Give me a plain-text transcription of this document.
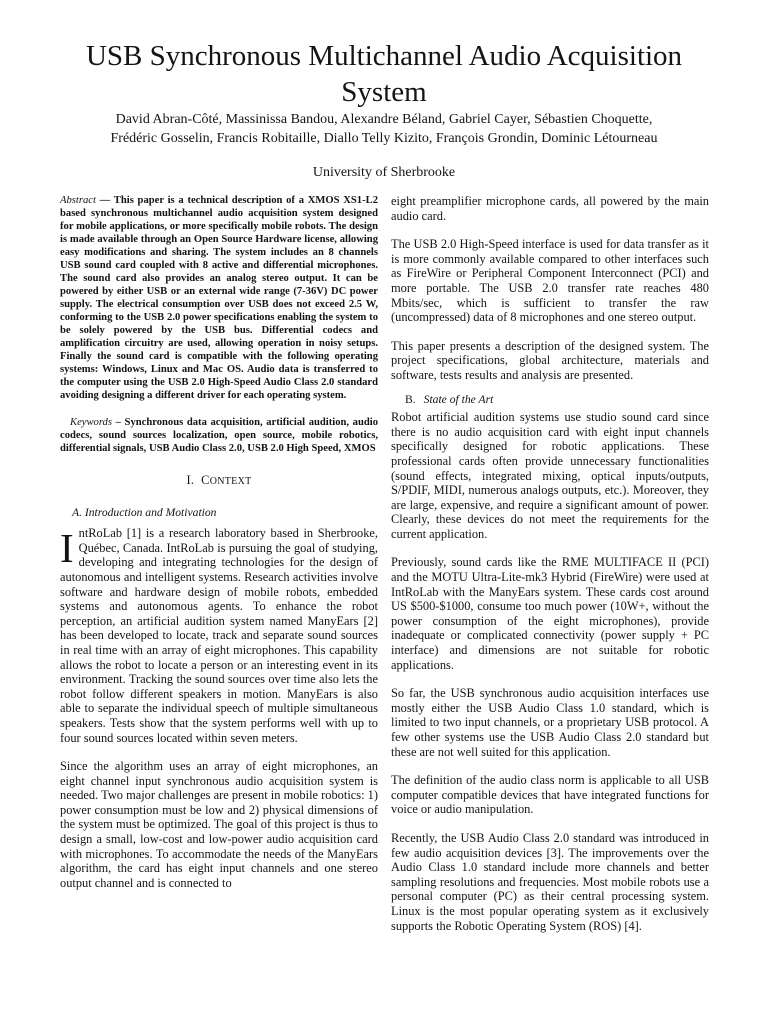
USB Synchronous Multichannel Audio Acquisition System
David Abran-Côté, Massinissa Bandou, Alexandre Béland, Gabriel Cayer, Sébastien Choquette,
Frédéric Gosselin, Francis Robitaille, Diallo Telly Kizito, François Grondin, Dominic Létourneau
University of Sherbrooke

Abstract — This paper is a technical description of a XMOS XS1-L2 based synchronous multichannel audio acquisition system designed for mobile applications, or more specifically mobile robots. The design is made available through an Open Source Hardware license, allowing easy modifications and sharing. The system includes an 8 channels USB sound card coupled with 8 active and differential microphones. The sound card also provides an analog stereo output. It can be powered by either USB or an external wide range (7-36V) DC power supply. The electrical consumption over USB does not exceed 2.5 W, conforming to the USB 2.0 power specifications enabling the system to be solely powered by the USB bus. Differential codecs and amplification circuitry are used, allowing operation in noisy setups. Finally the sound card is compatible with the following operating systems: Windows, Linux and Mac OS. Audio data is transferred to the computer using the USB 2.0 High-Speed Audio Class 2.0 standard avoiding designing a different driver for each operating system.

Keywords – Synchronous data acquisition, artificial audition, audio codecs, sound sources localization, open source, mobile robotics, differential signals, USB Audio Class 2.0, USB 2.0 High Speed, XMOS

I. CONTEXT
A. Introduction and Motivation

IntRoLab [1] is a research laboratory based in Sherbrooke, Québec, Canada. IntRoLab is pursuing the goal of studying, developing and integrating technologies for the design of autonomous and intelligent systems. Research activities involve software and hardware design of mobile robots, embedded systems and autonomous agents. To enhance the robot perception, an artificial audition system named ManyEars [2] has been developed to locate, track and separate sound sources in real time with an array of eight microphones. This capability allows the robot to locate a person or an interesting event in its environment. Tracking the sound sources over time also lets the robot follow different speakers in motion. ManyEars is also able to separate the individual speech of multiple simultaneous speakers. Tests show that the system performs well with up to four sound sources located within seven meters.

Since the algorithm uses an array of eight microphones, an eight channel input synchronous audio acquisition system is needed. Two major challenges are present in mobile robotics: 1) power consumption must be low and 2) physical dimensions of the system must be optimized. The goal of this project is thus to design a small, low-cost and low-power audio acquisition card with microphones. To accommodate the needs of the ManyEars algorithm, the card has eight input channels and one stereo output channel and is connected to

eight preamplifier microphone cards, all powered by the main audio card.

The USB 2.0 High-Speed interface is used for data transfer as it is more commonly available compared to other interfaces such as FireWire or Peripheral Component Interconnect (PCI) and more portable. The USB 2.0 transfer rate reaches 480 Mbits/sec, which is sufficient to transfer the raw (uncompressed) data of 8 microphones and one stereo output.

This paper presents a description of the designed system. The project specifications, global architecture, materials and software, tests results and analysis are presented.

B. State of the Art

Robot artificial audition systems use studio sound card since there is no audio acquisition card with eight input channels specifically designed for robotic applications. These professional cards often provide unnecessary functionalities (sound effects, integrated mixing, optical inputs/outputs, S/PDIF, MIDI, numerous analogs outputs, etc.). Moreover, they are large, expensive, and require a significant amount of power. Clearly, these devices do not meet the requirements for the current application.

Previously, sound cards like the RME MULTIFACE II (PCI) and the MOTU Ultra-Lite-mk3 Hybrid (FireWire) were used at IntRoLab with the ManyEars system. These cards cost around US $500-$1000, consume too much power (10W+, without the power consumption of the eight microphones), provide inadequate or complicated connectivity (power supply + PC interface) and dimensions are not suitable for robotic applications.

So far, the USB synchronous audio acquisition interfaces use mostly either the USB Audio Class 1.0 standard, which is limited to two input channels, or a proprietary USB protocol. A few other systems use the USB Audio Class 2.0 standard but these are not well suited for this application.

The definition of the audio class norm is applicable to all USB computer compatible devices that have integrated functions for voice or audio manipulation.

Recently, the USB Audio Class 2.0 standard was introduced in few audio acquisition devices [3]. The improvements over the Audio Class 1.0 standard include more channels and better sampling resolutions and frequencies. Most mobile robots use a personal computer (PC) as their central processing system. Linux is the most popular operating system as it exclusively supports the Robotic Operating System (ROS) [4].
